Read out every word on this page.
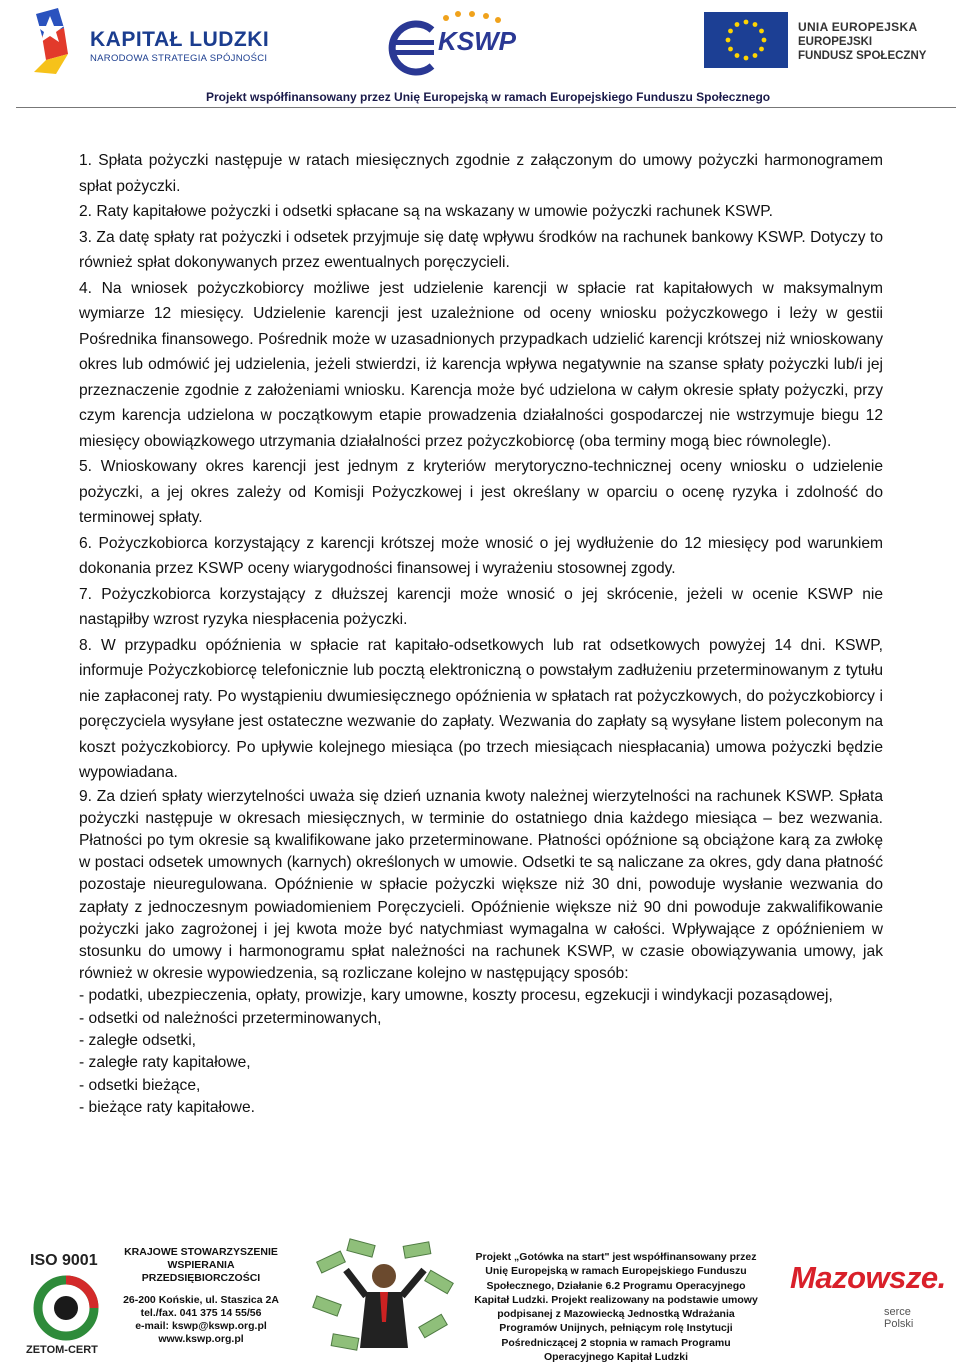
KAPITAŁ LUDZKI
NARODOWA STRATEGIA SPÓJNOŚCI
KSWP	UNIA EUROPEJSKA
EUROPEJSKI
FUNDUSZ SPOŁECZNY
Projekt współfinansowany przez Unię Europejską w ramach Europejskiego Funduszu Społecznego

1. Spłata pożyczki następuje w ratach miesięcznych zgodnie z załączonym do umowy pożyczki harmonogramem spłat pożyczki.

2. Raty kapitałowe pożyczki i odsetki spłacane są na wskazany w umowie pożyczki rachunek KSWP.

3. Za datę spłaty rat pożyczki i odsetek przyjmuje się datę wpływu środków na rachunek bankowy KSWP. Dotyczy to również spłat dokonywanych przez ewentualnych poręczycieli.

4. Na wniosek pożyczkobiorcy możliwe jest udzielenie karencji w spłacie rat kapitałowych w maksymalnym wymiarze 12 miesięcy. Udzielenie karencji jest uzależnione od oceny wniosku pożyczkowego i leży w gestii Pośrednika finansowego. Pośrednik może w uzasadnionych przypadkach udzielić karencji krótszej niż wnioskowany okres lub odmówić jej udzielenia, jeżeli stwierdzi, iż karencja wpływa negatywnie na szanse spłaty pożyczki lub/i jej przeznaczenie zgodnie z założeniami wniosku. Karencja może być udzielona w całym okresie spłaty pożyczki, przy czym karencja udzielona w początkowym etapie prowadzenia działalności gospodarczej nie wstrzymuje biegu 12 miesięcy obowiązkowego utrzymania działalności przez pożyczkobiorcę (oba terminy mogą biec równolegle).

5. Wnioskowany okres karencji jest jednym z kryteriów merytoryczno-technicznej oceny wniosku o udzielenie pożyczki, a jej okres zależy od Komisji Pożyczkowej i jest określany w oparciu o ocenę ryzyka i zdolność do terminowej spłaty.

6. Pożyczkobiorca korzystający z karencji krótszej może wnosić o jej wydłużenie do 12 miesięcy pod warunkiem dokonania przez KSWP oceny wiarygodności finansowej i wyrażeniu stosownej zgody.

7. Pożyczkobiorca korzystający z dłuższej karencji może wnosić o jej skrócenie, jeżeli w ocenie KSWP nie nastąpiłby wzrost ryzyka niespłacenia pożyczki.

8. W przypadku opóźnienia w spłacie rat kapitało-odsetkowych lub rat odsetkowych powyżej 14 dni. KSWP, informuje Pożyczkobiorcę telefonicznie lub pocztą elektroniczną o powstałym zadłużeniu przeterminowanym z tytułu nie zapłaconej raty. Po wystąpieniu dwumiesięcznego opóźnienia w spłatach rat pożyczkowych, do pożyczkobiorcy i poręczyciela wysyłane jest ostateczne wezwanie do zapłaty. Wezwania do zapłaty są wysyłane listem poleconym na koszt pożyczkobiorcy. Po upływie kolejnego miesiąca (po trzech miesiącach niespłacania) umowa pożyczki będzie wypowiadana.

9. Za dzień spłaty wierzytelności uważa się dzień uznania kwoty należnej wierzytelności na rachunek KSWP. Spłata pożyczki następuje w okresach miesięcznych, w terminie do ostatniego dnia każdego miesiąca – bez wezwania. Płatności po tym okresie są kwalifikowane jako przeterminowane. Płatności opóźnione są obciążone karą za zwłokę w postaci odsetek umownych (karnych) określonych w umowie. Odsetki te są naliczane za okres, gdy dana płatność pozostaje nieuregulowana. Opóźnienie w spłacie pożyczki większe niż 30 dni, powoduje wysłanie wezwania do zapłaty z jednoczesnym powiadomieniem Poręczycieli. Opóźnienie większe niż 90 dni powoduje zakwalifikowanie pożyczki jako zagrożonej i jej kwota może być natychmiast wymagalna w całości. Wpływające z opóźnieniem w stosunku do umowy i harmonogramu spłat należności na rachunek KSWP, w czasie obowiązywania umowy, jak również w okresie wypowiedzenia, są rozliczane kolejno w następujący sposób:

- podatki, ubezpieczenia, opłaty, prowizje, kary umowne, koszty procesu, egzekucji i windykacji pozasądowej,
- odsetki od należności przeterminowanych,
- zaległe odsetki,
- zaległe raty kapitałowe,
- odsetki bieżące,
- bieżące raty kapitałowe.
ISO 9001
ZETOM-CERT
KRAJOWE STOWARZYSZENIE
WSPIERANIA
PRZEDSIĘBIORCZOŚCI
26-200 Końskie, ul. Staszica 2A
tel./fax. 041 375 14 55/56
e-mail: kswp@kswp.org.pl
www.kswp.org.pl
Projekt „Gotówka na start" jest współfinansowany przez
Unię Europejską w ramach Europejskiego Funduszu
Społecznego, Działanie 6.2 Programu Operacyjnego
Kapitał Ludzki. Projekt realizowany na podstawie umowy
podpisanej z Mazowiecką Jednostką Wdrażania
Programów Unijnych, pełniącym rolę Instytucji
Pośredniczącej 2 stopnia w ramach Programu
Operacyjnego Kapitał Ludzki
Mazowsze.
serce Polski
